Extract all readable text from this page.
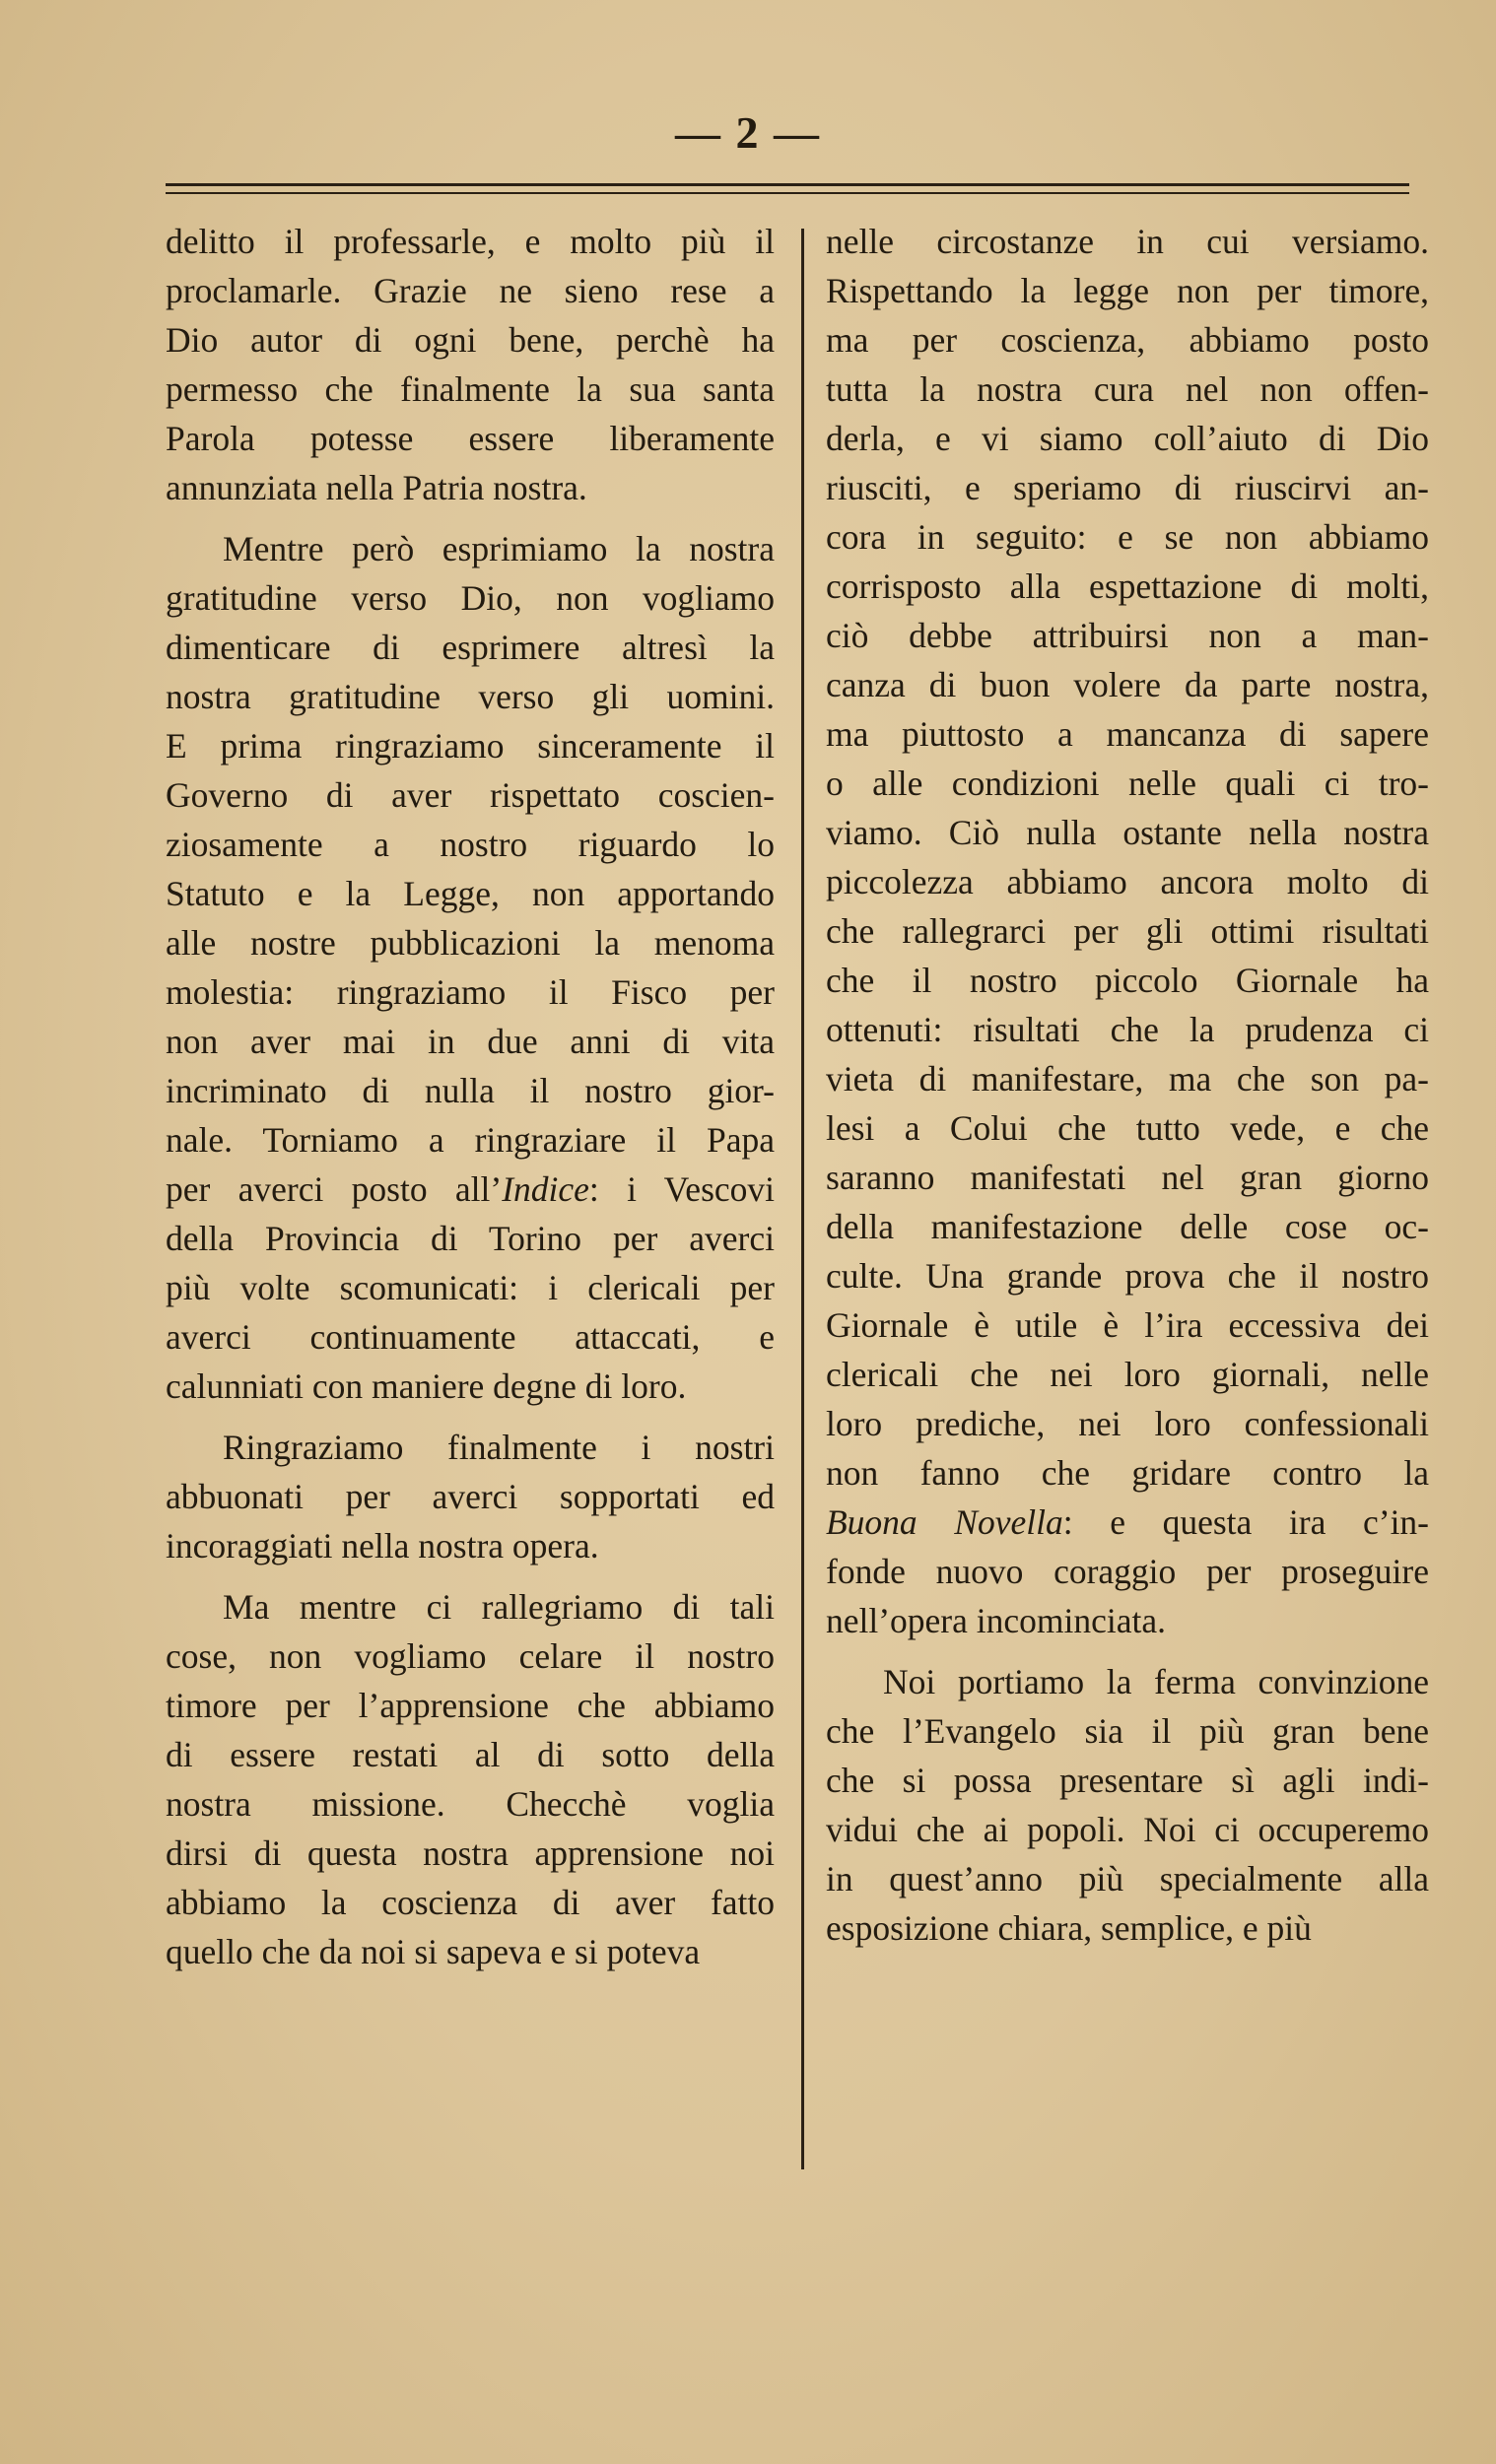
— 2 —
delitto il professarle, e molto più il
proclamarle. Grazie ne sieno rese a
Dio autor di ogni bene, perchè ha
permesso che finalmente la sua santa
Parola potesse essere liberamente
annunziata nella Patria nostra.
Mentre però esprimiamo la nostra
gratitudine verso Dio, non vogliamo
dimenticare di esprimere altresì la
nostra gratitudine verso gli uomini.
E prima ringraziamo sinceramente il
Governo di aver rispettato coscien-
ziosamente a nostro riguardo lo
Statuto e la Legge, non apportando
alle nostre pubblicazioni la menoma
molestia: ringraziamo il Fisco per
non aver mai in due anni di vita
incriminato di nulla il nostro gior-
nale. Torniamo a ringraziare il Papa
per averci posto all’Indice: i Vescovi
della Provincia di Torino per averci
più volte scomunicati: i clericali per
averci continuamente attaccati, e
calunniati con maniere degne di loro.
Ringraziamo finalmente i nostri
abbuonati per averci sopportati ed
incoraggiati nella nostra opera.
Ma mentre ci rallegriamo di tali
cose, non vogliamo celare il nostro
timore per l’apprensione che abbiamo
di essere restati al di sotto della
nostra missione. Checchè voglia
dirsi di questa nostra apprensione noi
abbiamo la coscienza di aver fatto
quello che da noi si sapeva e si poteva
nelle circostanze in cui versiamo.
Rispettando la legge non per timore,
ma per coscienza, abbiamo posto
tutta la nostra cura nel non offen-
derla, e vi siamo coll’aiuto di Dio
riusciti, e speriamo di riuscirvi an-
cora in seguito: e se non abbiamo
corrisposto alla espettazione di molti,
ciò debbe attribuirsi non a man-
canza di buon volere da parte nostra,
ma piuttosto a mancanza di sapere
o alle condizioni nelle quali ci tro-
viamo. Ciò nulla ostante nella nostra
piccolezza abbiamo ancora molto di
che rallegrarci per gli ottimi risultati
che il nostro piccolo Giornale ha
ottenuti: risultati che la prudenza ci
vieta di manifestare, ma che son pa-
lesi a Colui che tutto vede, e che
saranno manifestati nel gran giorno
della manifestazione delle cose oc-
culte. Una grande prova che il nostro
Giornale è utile è l’ira eccessiva dei
clericali che nei loro giornali, nelle
loro prediche, nei loro confessionali
non fanno che gridare contro la
Buona Novella: e questa ira c’in-
fonde nuovo coraggio per proseguire
nell’opera incominciata.
Noi portiamo la ferma convinzione
che l’Evangelo sia il più gran bene
che si possa presentare sì agli indi-
vidui che ai popoli. Noi ci occuperemo
in quest’anno più specialmente alla
esposizione chiara, semplice, e più
